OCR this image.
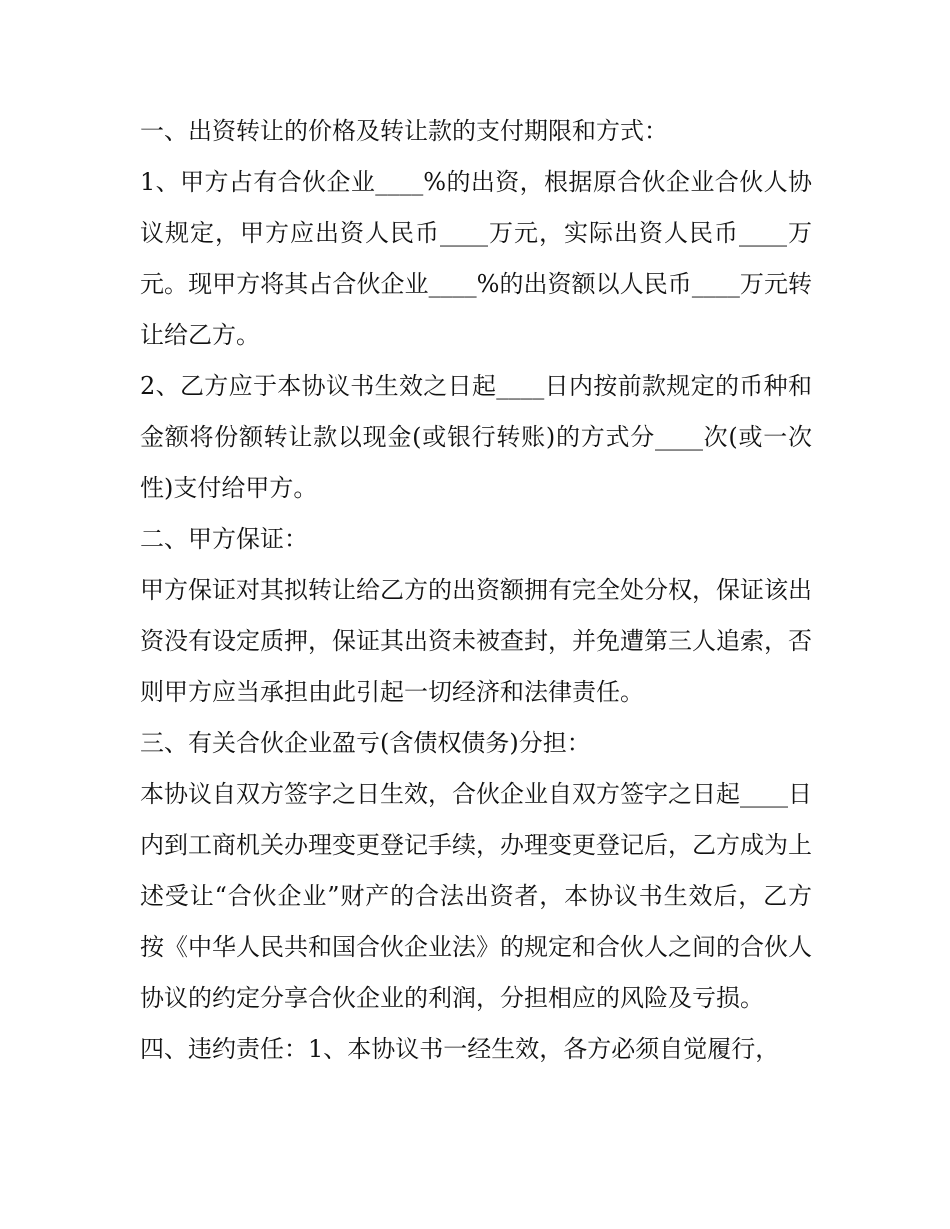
一、出资转让的价格及转让款的支付期限和方式：

1、甲方占有合伙企业____%的出资，根据原合伙企业合伙人协议规定，甲方应出资人民币____万元，实际出资人民币____万元。现甲方将其占合伙企业____%的出资额以人民币____万元转让给乙方。

2、乙方应于本协议书生效之日起____日内按前款规定的币种和金额将份额转让款以现金(或银行转账)的方式分____次(或一次性)支付给甲方。

二、甲方保证：

甲方保证对其拟转让给乙方的出资额拥有完全处分权，保证该出资没有设定质押，保证其出资未被查封，并免遭第三人追索，否则甲方应当承担由此引起一切经济和法律责任。

三、有关合伙企业盈亏(含债权债务)分担：

本协议自双方签字之日生效，合伙企业自双方签字之日起____日内到工商机关办理变更登记手续，办理变更登记后，乙方成为上述受让“合伙企业”财产的合法出资者，本协议书生效后，乙方按《中华人民共和国合伙企业法》的规定和合伙人之间的合伙人协议的约定分享合伙企业的利润，分担相应的风险及亏损。

四、违约责任：1、本协议书一经生效，各方必须自觉履行，
